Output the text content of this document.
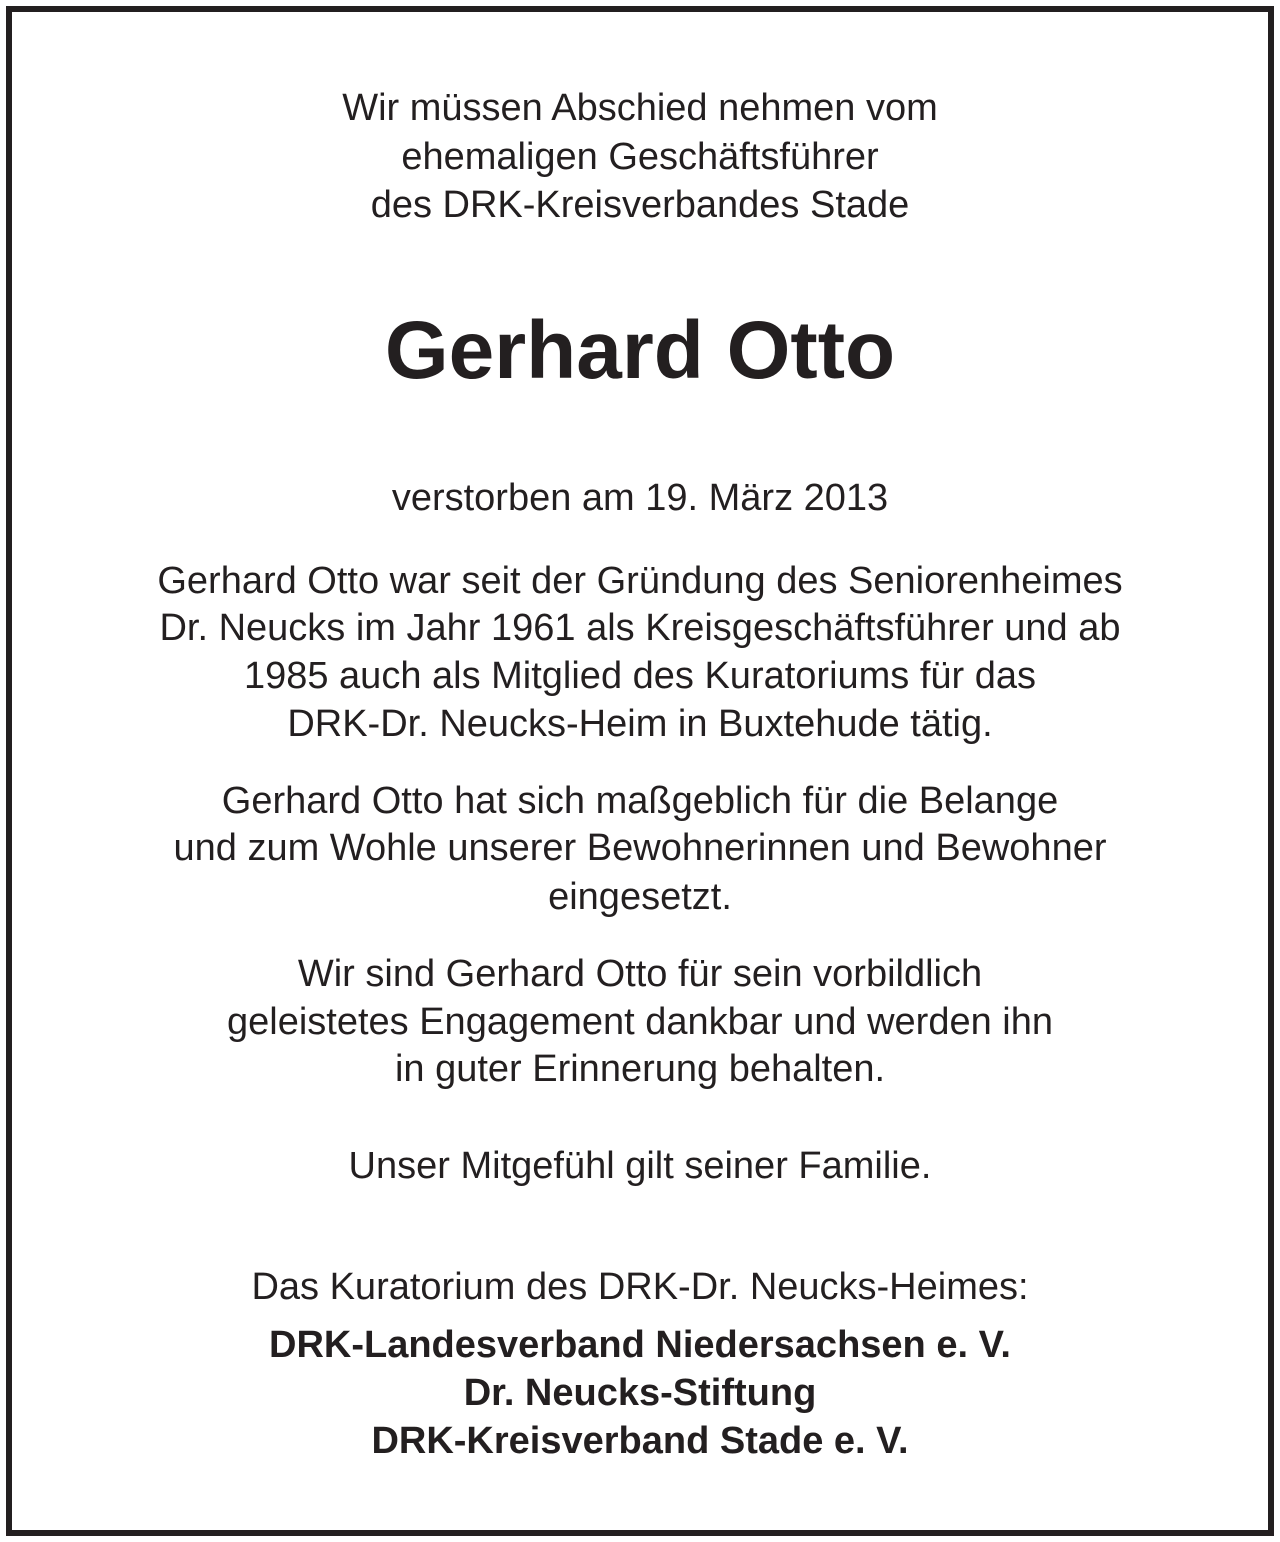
Wir müssen Abschied nehmen vom
ehemaligen Geschäftsführer
des DRK-Kreisverbandes Stade
Gerhard Otto
verstorben am 19. März 2013
Gerhard Otto war seit der Gründung des Seniorenheimes
Dr. Neucks im Jahr 1961 als Kreisgeschäftsführer und ab
1985 auch als Mitglied des Kuratoriums für das
DRK-Dr. Neucks-Heim in Buxtehude tätig.
Gerhard Otto hat sich maßgeblich für die Belange
und zum Wohle unserer Bewohnerinnen und Bewohner
eingesetzt.
Wir sind Gerhard Otto für sein vorbildlich
geleistetes Engagement dankbar und werden ihn
in guter Erinnerung behalten.
Unser Mitgefühl gilt seiner Familie.
Das Kuratorium des DRK-Dr. Neucks-Heimes:
DRK-Landesverband Niedersachsen e. V.
Dr. Neucks-Stiftung
DRK-Kreisverband Stade e. V.
